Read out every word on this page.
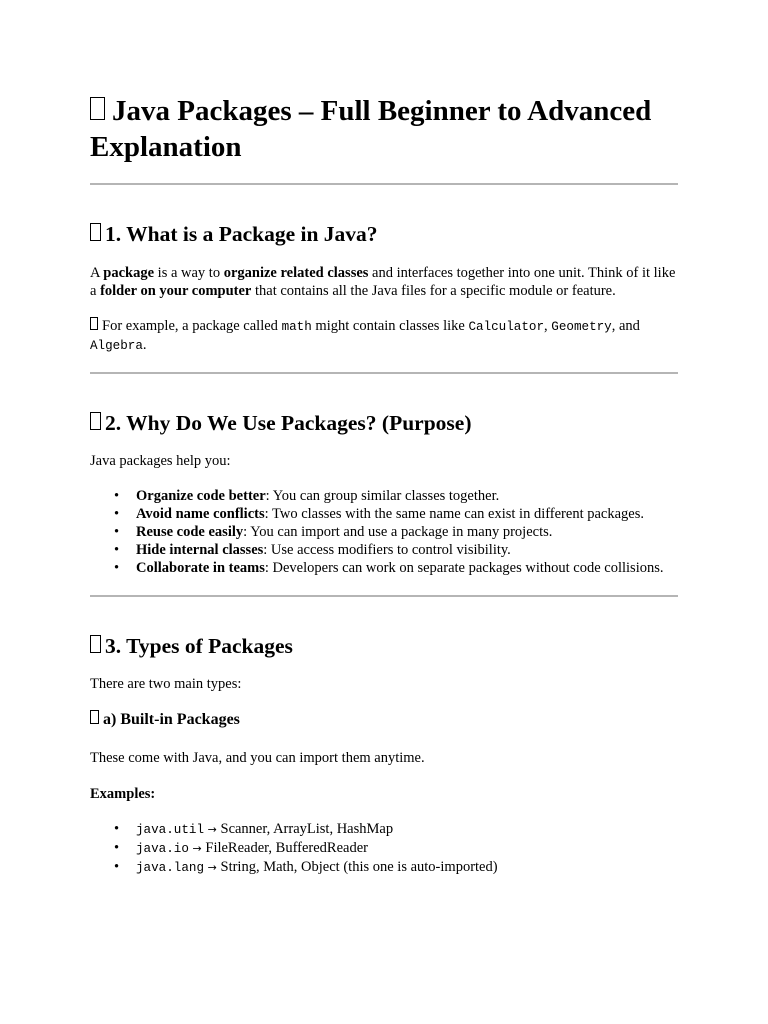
Java Packages – Full Beginner to Advanced Explanation
1. What is a Package in Java?

A package is a way to organize related classes and interfaces together into one unit. Think of it like a folder on your computer that contains all the Java files for a specific module or feature.

For example, a package called math might contain classes like Calculator, Geometry, and Algebra.

2. Why Do We Use Packages? (Purpose)

Java packages help you:

• Organize code better: You can group similar classes together.
• Avoid name conflicts: Two classes with the same name can exist in different packages.
• Reuse code easily: You can import and use a package in many projects.
• Hide internal classes: Use access modifiers to control visibility.
• Collaborate in teams: Developers can work on separate packages without code collisions.
3. Types of Packages

There are two main types:

a) Built-in Packages

These come with Java, and you can import them anytime.

Examples:

• java.util → Scanner, ArrayList, HashMap
• java.io → FileReader, BufferedReader
• java.lang → String, Math, Object (this one is auto-imported)
